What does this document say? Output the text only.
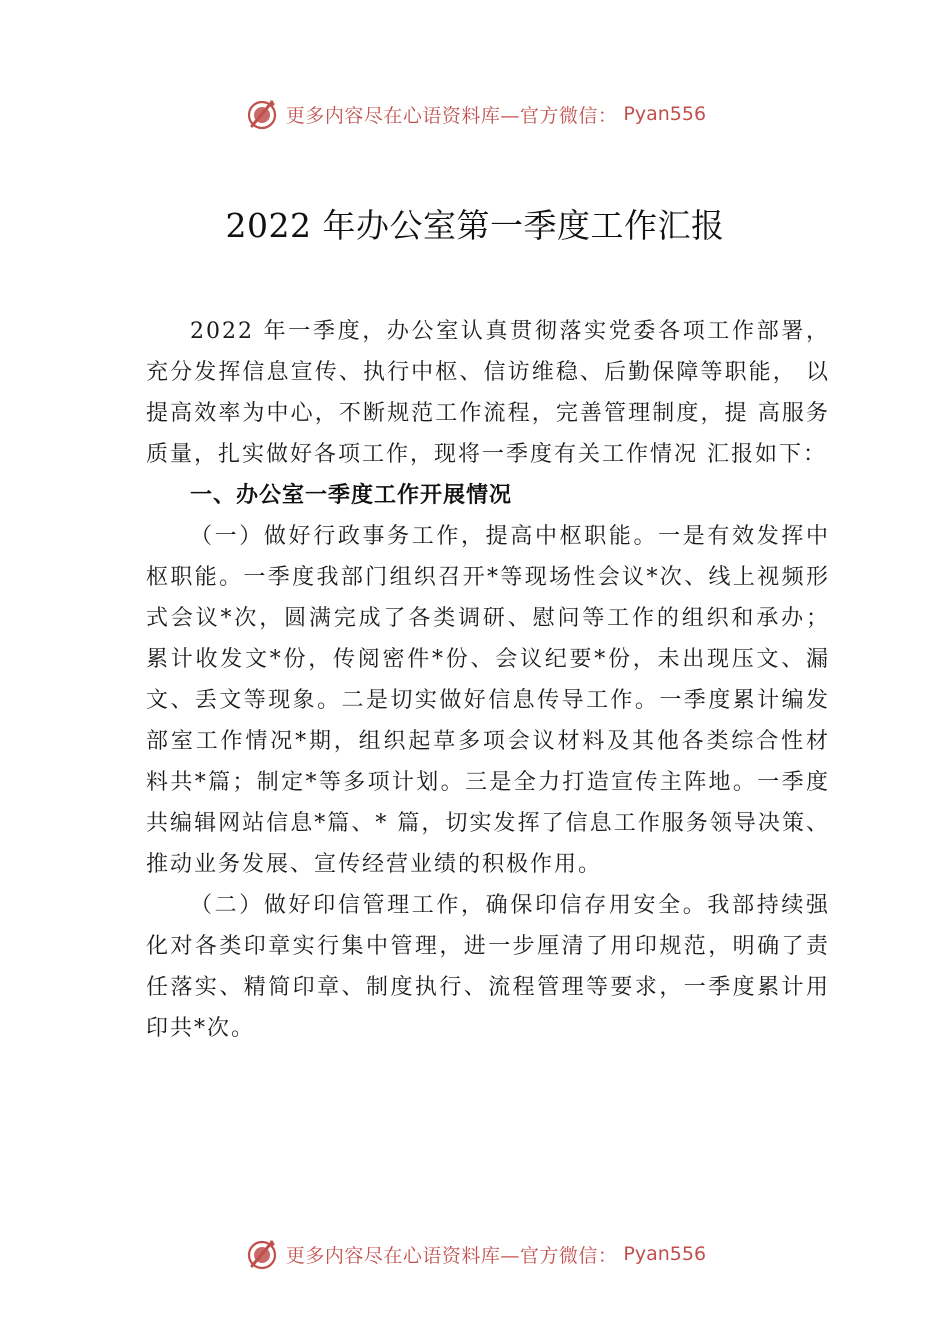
更多内容尽在心语资料库—官方微信： Pyan556
2022 年办公室第一季度工作汇报

2022 年一季度，办公室认真贯彻落实党委各项工作部署，充分发挥信息宣传、执行中枢、信访维稳、后勤保障等职能， 以提高效率为中心，不断规范工作流程，完善管理制度，提 高服务质量，扎实做好各项工作，现将一季度有关工作情况 汇报如下：

一、办公室一季度工作开展情况

（一）做好行政事务工作，提高中枢职能。一是有效发挥中枢职能。一季度我部门组织召开*等现场性会议*次、线上视频形式会议*次，圆满完成了各类调研、慰问等工作的组织和承办；累计收发文*份，传阅密件*份、会议纪要*份，未出现压文、漏文、丢文等现象。二是切实做好信息传导工作。一季度累计编发部室工作情况*期，组织起草多项会议材料及其他各类综合性材料共*篇；制定*等多项计划。三是全力打造宣传主阵地。一季度共编辑网站信息*篇、* 篇，切实发挥了信息工作服务领导决策、推动业务发展、宣传经营业绩的积极作用。

（二）做好印信管理工作，确保印信存用安全。我部持续强化对各类印章实行集中管理，进一步厘清了用印规范，明确了责任落实、精简印章、制度执行、流程管理等要求，一季度累计用印共*次。

更多内容尽在心语资料库—官方微信： Pyan556
